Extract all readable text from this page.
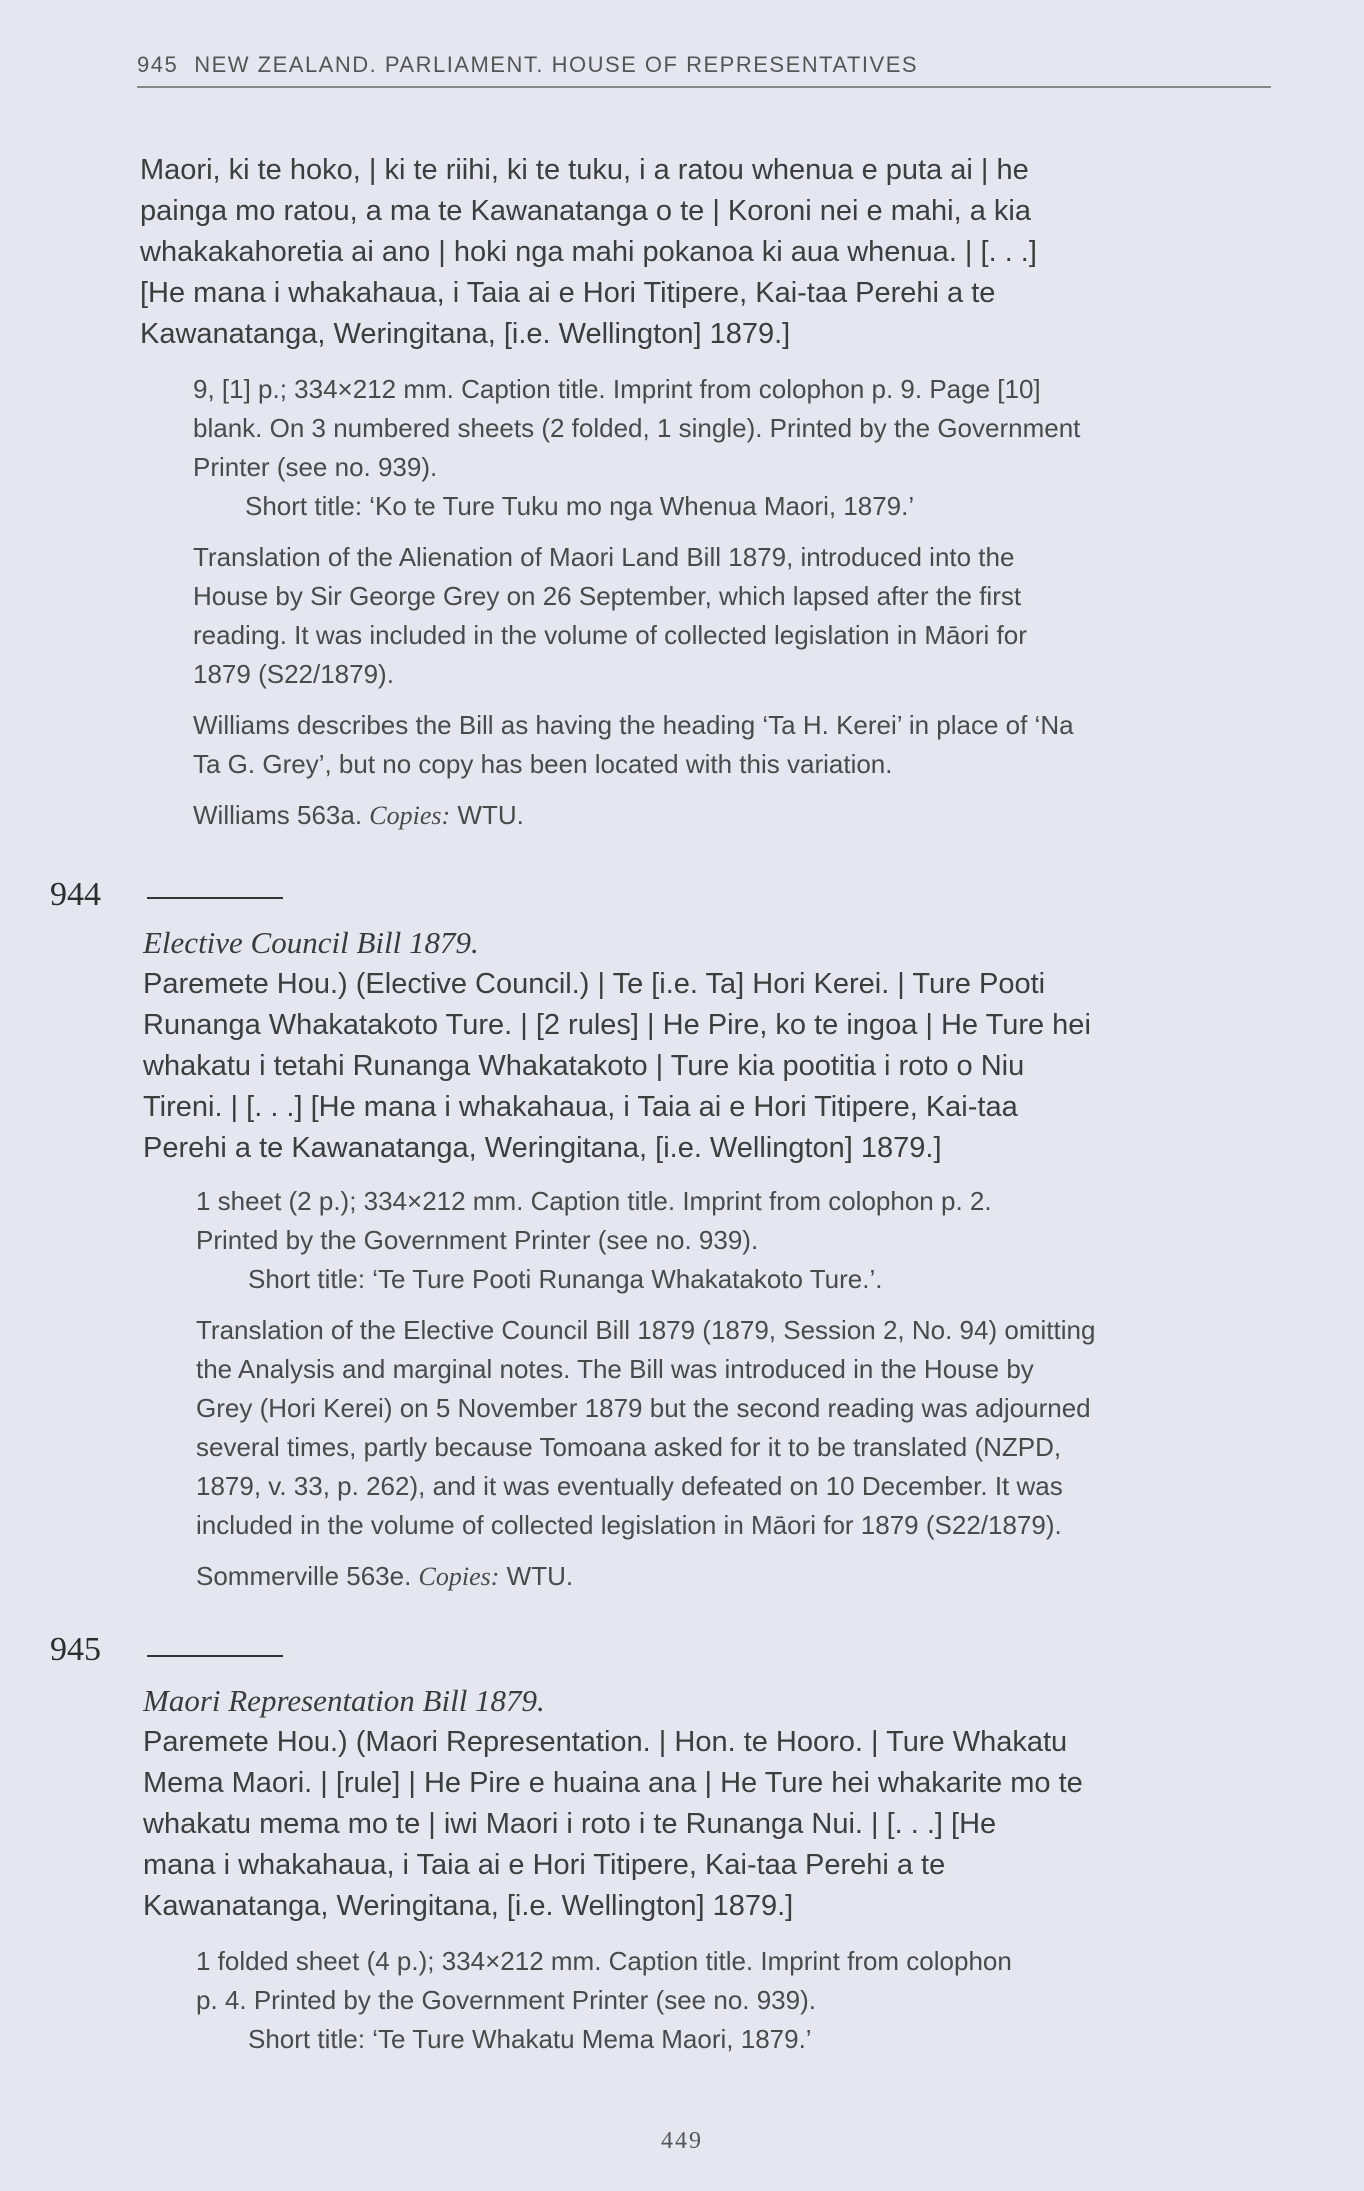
945 NEW ZEALAND. PARLIAMENT. HOUSE OF REPRESENTATIVES
Maori, ki te hoko, | ki te riihi, ki te tuku, i a ratou whenua e puta ai | he
painga mo ratou, a ma te Kawanatanga o te | Koroni nei e mahi, a kia
whakakahoretia ai ano | hoki nga mahi pokanoa ki aua whenua. | [. . .]
[He mana i whakahaua, i Taia ai e Hori Titipere, Kai-taa Perehi a te
Kawanatanga, Weringitana, [i.e. Wellington] 1879.]
9, [1] p.; 334×212 mm. Caption title. Imprint from colophon p. 9. Page [10]
blank. On 3 numbered sheets (2 folded, 1 single). Printed by the Government
Printer (see no. 939).
Short title: ‘Ko te Ture Tuku mo nga Whenua Maori, 1879.’
Translation of the Alienation of Maori Land Bill 1879, introduced into the
House by Sir George Grey on 26 September, which lapsed after the first
reading. It was included in the volume of collected legislation in Māori for
1879 (S22/1879).
Williams describes the Bill as having the heading ‘Ta H. Kerei’ in place of ‘Na
Ta G. Grey’, but no copy has been located with this variation.
Williams 563a. Copies: WTU.
944
Elective Council Bill 1879.
Paremete Hou.) (Elective Council.) | Te [i.e. Ta] Hori Kerei. | Ture Pooti
Runanga Whakatakoto Ture. | [2 rules] | He Pire, ko te ingoa | He Ture hei
whakatu i tetahi Runanga Whakatakoto | Ture kia pootitia i roto o Niu
Tireni. | [. . .] [He mana i whakahaua, i Taia ai e Hori Titipere, Kai-taa
Perehi a te Kawanatanga, Weringitana, [i.e. Wellington] 1879.]
1 sheet (2 p.); 334×212 mm. Caption title. Imprint from colophon p. 2.
Printed by the Government Printer (see no. 939).
Short title: ‘Te Ture Pooti Runanga Whakatakoto Ture.’.
Translation of the Elective Council Bill 1879 (1879, Session 2, No. 94) omitting
the Analysis and marginal notes. The Bill was introduced in the House by
Grey (Hori Kerei) on 5 November 1879 but the second reading was adjourned
several times, partly because Tomoana asked for it to be translated (NZPD,
1879, v. 33, p. 262), and it was eventually defeated on 10 December. It was
included in the volume of collected legislation in Māori for 1879 (S22/1879).
Sommerville 563e. Copies: WTU.
945
Maori Representation Bill 1879.
Paremete Hou.) (Maori Representation. | Hon. te Hooro. | Ture Whakatu
Mema Maori. | [rule] | He Pire e huaina ana | He Ture hei whakarite mo te
whakatu mema mo te | iwi Maori i roto i te Runanga Nui. | [. . .] [He
mana i whakahaua, i Taia ai e Hori Titipere, Kai-taa Perehi a te
Kawanatanga, Weringitana, [i.e. Wellington] 1879.]
1 folded sheet (4 p.); 334×212 mm. Caption title. Imprint from colophon
p. 4. Printed by the Government Printer (see no. 939).
Short title: ‘Te Ture Whakatu Mema Maori, 1879.’
449
